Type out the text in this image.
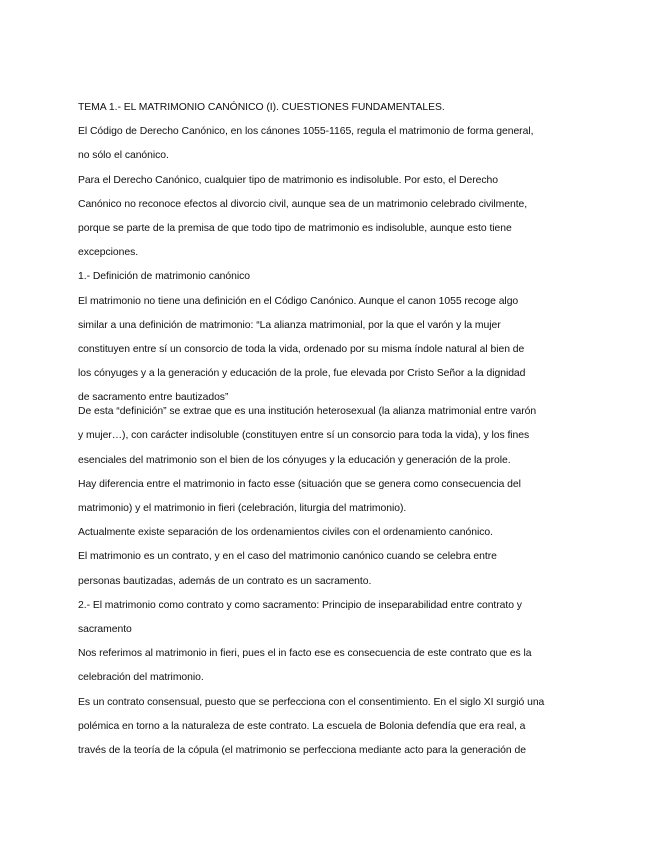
TEMA 1.- EL MATRIMONIO CANÓNICO (I). CUESTIONES FUNDAMENTALES.
El Código de Derecho Canónico, en los cánones 1055-1165, regula el matrimonio de forma general,
no sólo el canónico.
Para el Derecho Canónico, cualquier tipo de matrimonio es indisoluble. Por esto, el Derecho
Canónico no reconoce efectos al divorcio civil, aunque sea de un matrimonio celebrado civilmente,
porque se parte de la premisa de que todo tipo de matrimonio es indisoluble, aunque esto tiene
excepciones.
1.- Definición de matrimonio canónico
El matrimonio no tiene una definición en el Código Canónico. Aunque el canon 1055 recoge algo
similar a una definición de matrimonio: “La alianza matrimonial, por la que el varón y la mujer
constituyen entre sí un consorcio de toda la vida, ordenado por su misma índole natural al bien de
los cónyuges y a la generación y educación de la prole, fue elevada por Cristo Señor a la dignidad
de sacramento entre bautizados”
De esta “definición” se extrae que es una institución heterosexual (la alianza matrimonial entre varón
y mujer…), con carácter indisoluble (constituyen entre sí un consorcio para toda la vida), y los fines
esenciales del matrimonio son el bien de los cónyuges y la educación y generación de la prole.
Hay diferencia entre el matrimonio in facto esse (situación que se genera como consecuencia del
matrimonio) y el matrimonio in fieri (celebración, liturgia del matrimonio).
Actualmente existe separación de los ordenamientos civiles con el ordenamiento canónico.
El matrimonio es un contrato, y en el caso del matrimonio canónico cuando se celebra entre
personas bautizadas, además de un contrato es un sacramento.
2.- El matrimonio como contrato y como sacramento: Principio de inseparabilidad entre contrato y
sacramento
Nos referimos al matrimonio in fieri, pues el in facto ese es consecuencia de este contrato que es la
celebración del matrimonio.
Es un contrato consensual, puesto que se perfecciona con el consentimiento. En el siglo XI surgió una
polémica en torno a la naturaleza de este contrato. La escuela de Bolonia defendía que era real, a
través de la teoría de la cópula (el matrimonio se perfecciona mediante acto para la generación de
